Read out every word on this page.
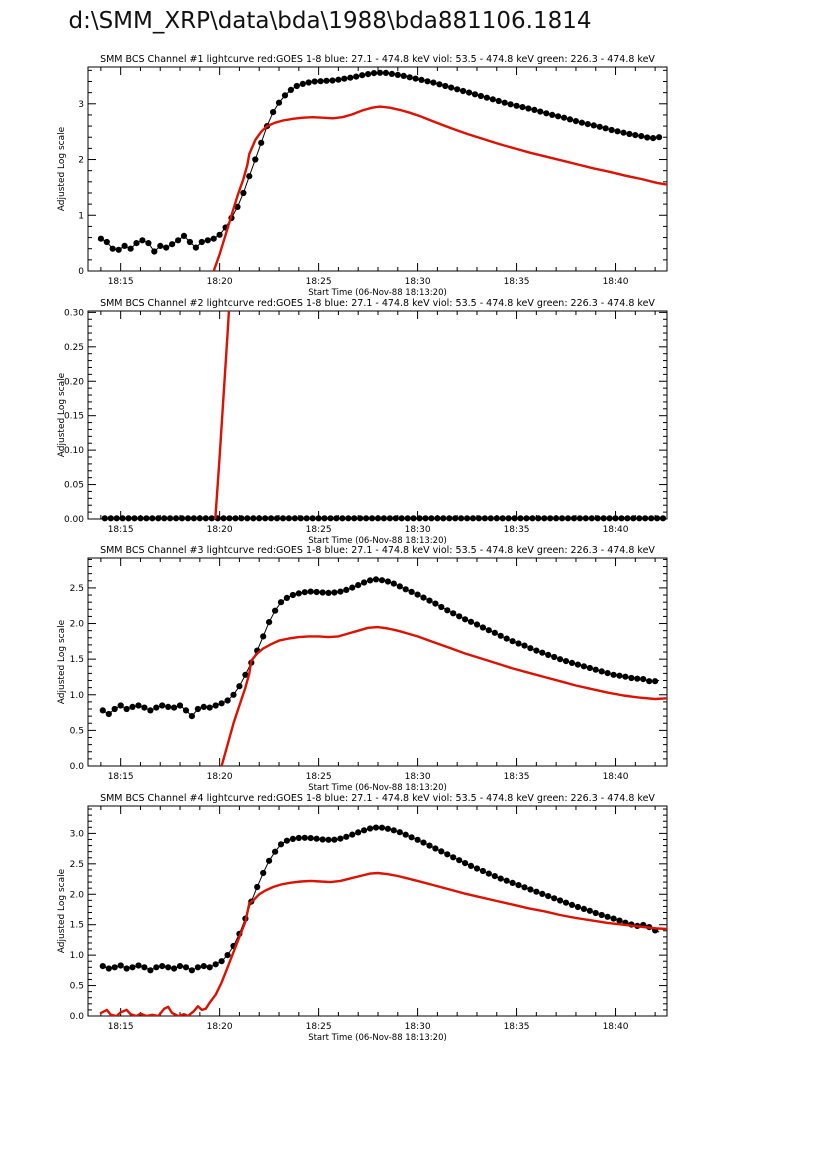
d:\SMM_XRP\data\bda\1988\bda881106.1814
SMM BCS Channel #1 lightcurve red:GOES 1-8 blue: 27.1 - 474.8 keV viol: 53.5 - 474.8 keV green: 226.3 - 474.8 keV
18:15	18:20	18:25	18:30	18:35	18:40
0
1
2
3
Adjusted Log scale
Start Time (06-Nov-88 18:13:20)
SMM BCS Channel #2 lightcurve red:GOES 1-8 blue: 27.1 - 474.8 keV viol: 53.5 - 474.8 keV green: 226.3 - 474.8 keV
18:15	18:20	18:25	18:30	18:35	18:40
0.00
0.05
0.10
0.15
0.20
0.25
0.30
Adjusted Log scale
Start Time (06-Nov-88 18:13:20)
SMM BCS Channel #3 lightcurve red:GOES 1-8 blue: 27.1 - 474.8 keV viol: 53.5 - 474.8 keV green: 226.3 - 474.8 keV
18:15	18:20	18:25	18:30	18:35	18:40
0.0
0.5
1.0
1.5
2.0
2.5
Adjusted Log scale
Start Time (06-Nov-88 18:13:20)
SMM BCS Channel #4 lightcurve red:GOES 1-8 blue: 27.1 - 474.8 keV viol: 53.5 - 474.8 keV green: 226.3 - 474.8 keV
18:15	18:20	18:25	18:30	18:35	18:40
0.0
0.5
1.0
1.5
2.0
2.5
3.0
Adjusted Log scale
Start Time (06-Nov-88 18:13:20)
